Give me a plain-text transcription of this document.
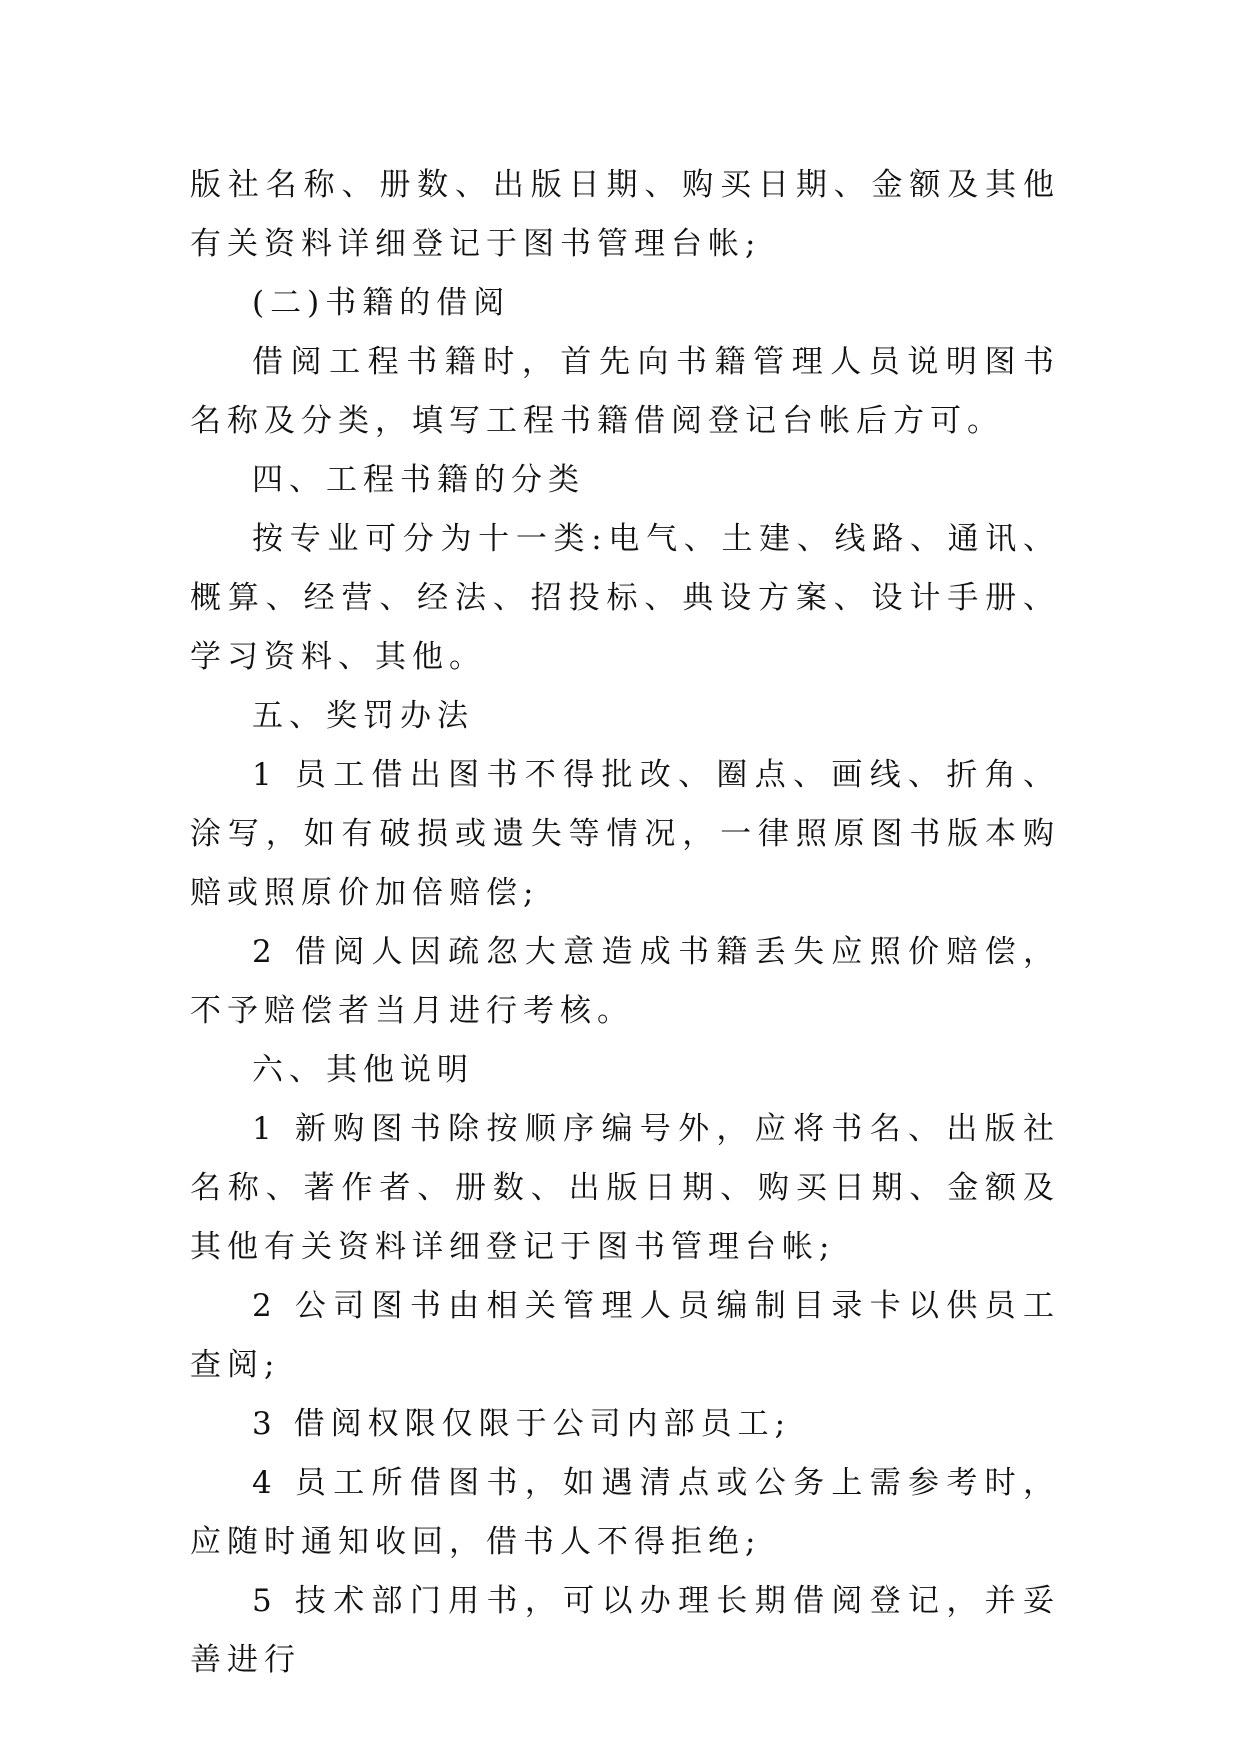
版社名称、册数、出版日期、购买日期、金额及其他有关资料详细登记于图书管理台帐;

(二)书籍的借阅

借阅工程书籍时，首先向书籍管理人员说明图书名称及分类，填写工程书籍借阅登记台帐后方可。

四、工程书籍的分类

按专业可分为十一类:电气、土建、线路、通讯、概算、经营、经法、招投标、典设方案、设计手册、学习资料、其他。

五、奖罚办法

1 员工借出图书不得批改、圈点、画线、折角、涂写，如有破损或遗失等情况，一律照原图书版本购赔或照原价加倍赔偿;

2 借阅人因疏忽大意造成书籍丢失应照价赔偿，不予赔偿者当月进行考核。

六、其他说明

1 新购图书除按顺序编号外，应将书名、出版社名称、著作者、册数、出版日期、购买日期、金额及其他有关资料详细登记于图书管理台帐;

2 公司图书由相关管理人员编制目录卡以供员工查阅;

3 借阅权限仅限于公司内部员工;

4 员工所借图书，如遇清点或公务上需参考时，应随时通知收回，借书人不得拒绝;

5 技术部门用书，可以办理长期借阅登记，并妥善进行
